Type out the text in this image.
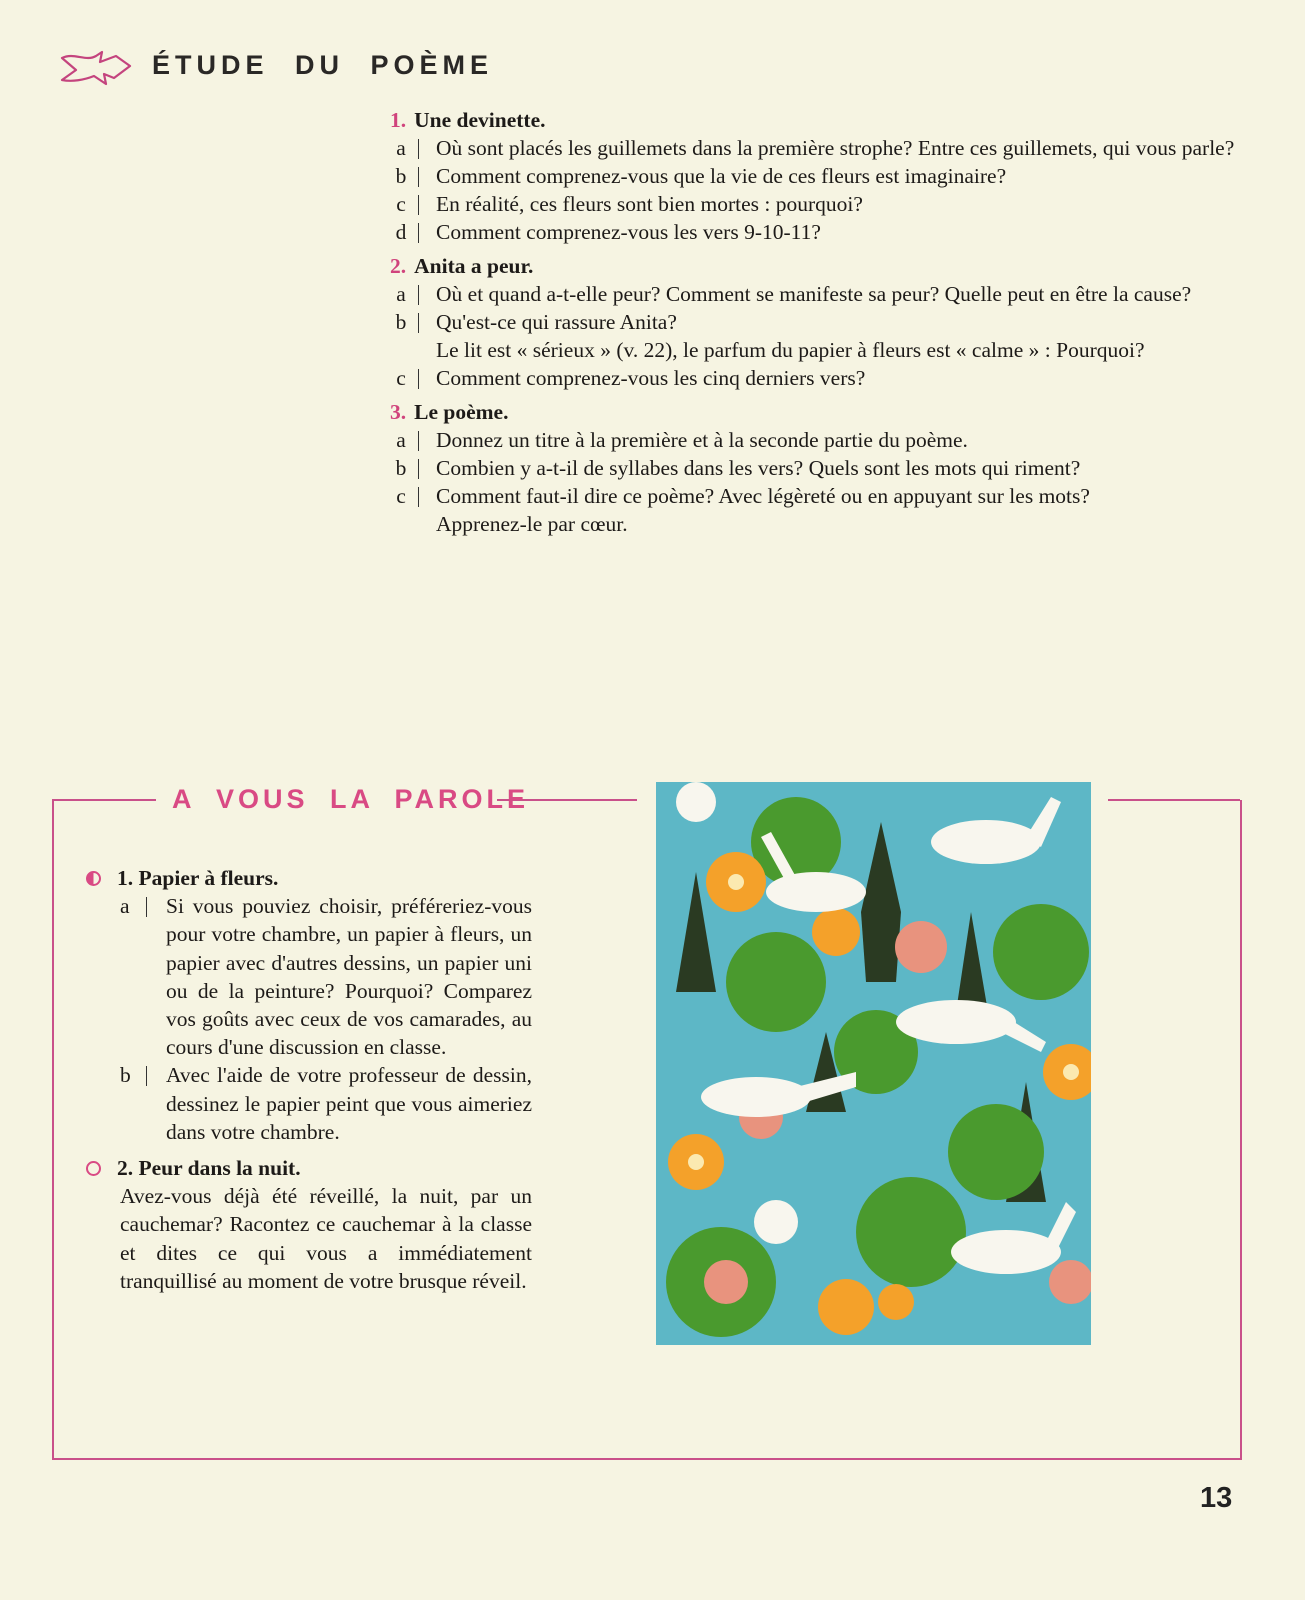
ÉTUDE DU POÈME
1. Une devinette.
a	Où sont placés les guillemets dans la première strophe? Entre ces guillemets, qui vous parle?
b	Comment comprenez-vous que la vie de ces fleurs est imaginaire?
c	En réalité, ces fleurs sont bien mortes : pourquoi?
d	Comment comprenez-vous les vers 9-10-11?
2. Anita a peur.
a	Où et quand a-t-elle peur? Comment se manifeste sa peur? Quelle peut en être la cause?
b	Qu'est-ce qui rassure Anita?

Le lit est « sérieux » (v. 22), le parfum du papier à fleurs est « calme » : Pourquoi?

c	Comment comprenez-vous les cinq derniers vers?
3. Le poème.
a	Donnez un titre à la première et à la seconde partie du poème.
b	Combien y a-t-il de syllabes dans les vers? Quels sont les mots qui riment?
c	Comment faut-il dire ce poème? Avec légèreté ou en appuyant sur les mots?

Apprenez-le par cœur.

A VOUS LA PAROLE
1. Papier à fleurs.
a	Si vous pouviez choisir, préféreriez-vous pour votre chambre, un papier à fleurs, un papier avec d'autres dessins, un papier uni ou de la peinture? Pourquoi? Comparez vos goûts avec ceux de vos camarades, au cours d'une discussion en classe.
b	Avec l'aide de votre professeur de dessin, dessinez le papier peint que vous aimeriez dans votre chambre.
2. Peur dans la nuit.
Avez-vous déjà été réveillé, la nuit, par un cauchemar? Racontez ce cauchemar à la classe et dites ce qui vous a immédiatement tranquillisé au moment de votre brusque réveil.
13
